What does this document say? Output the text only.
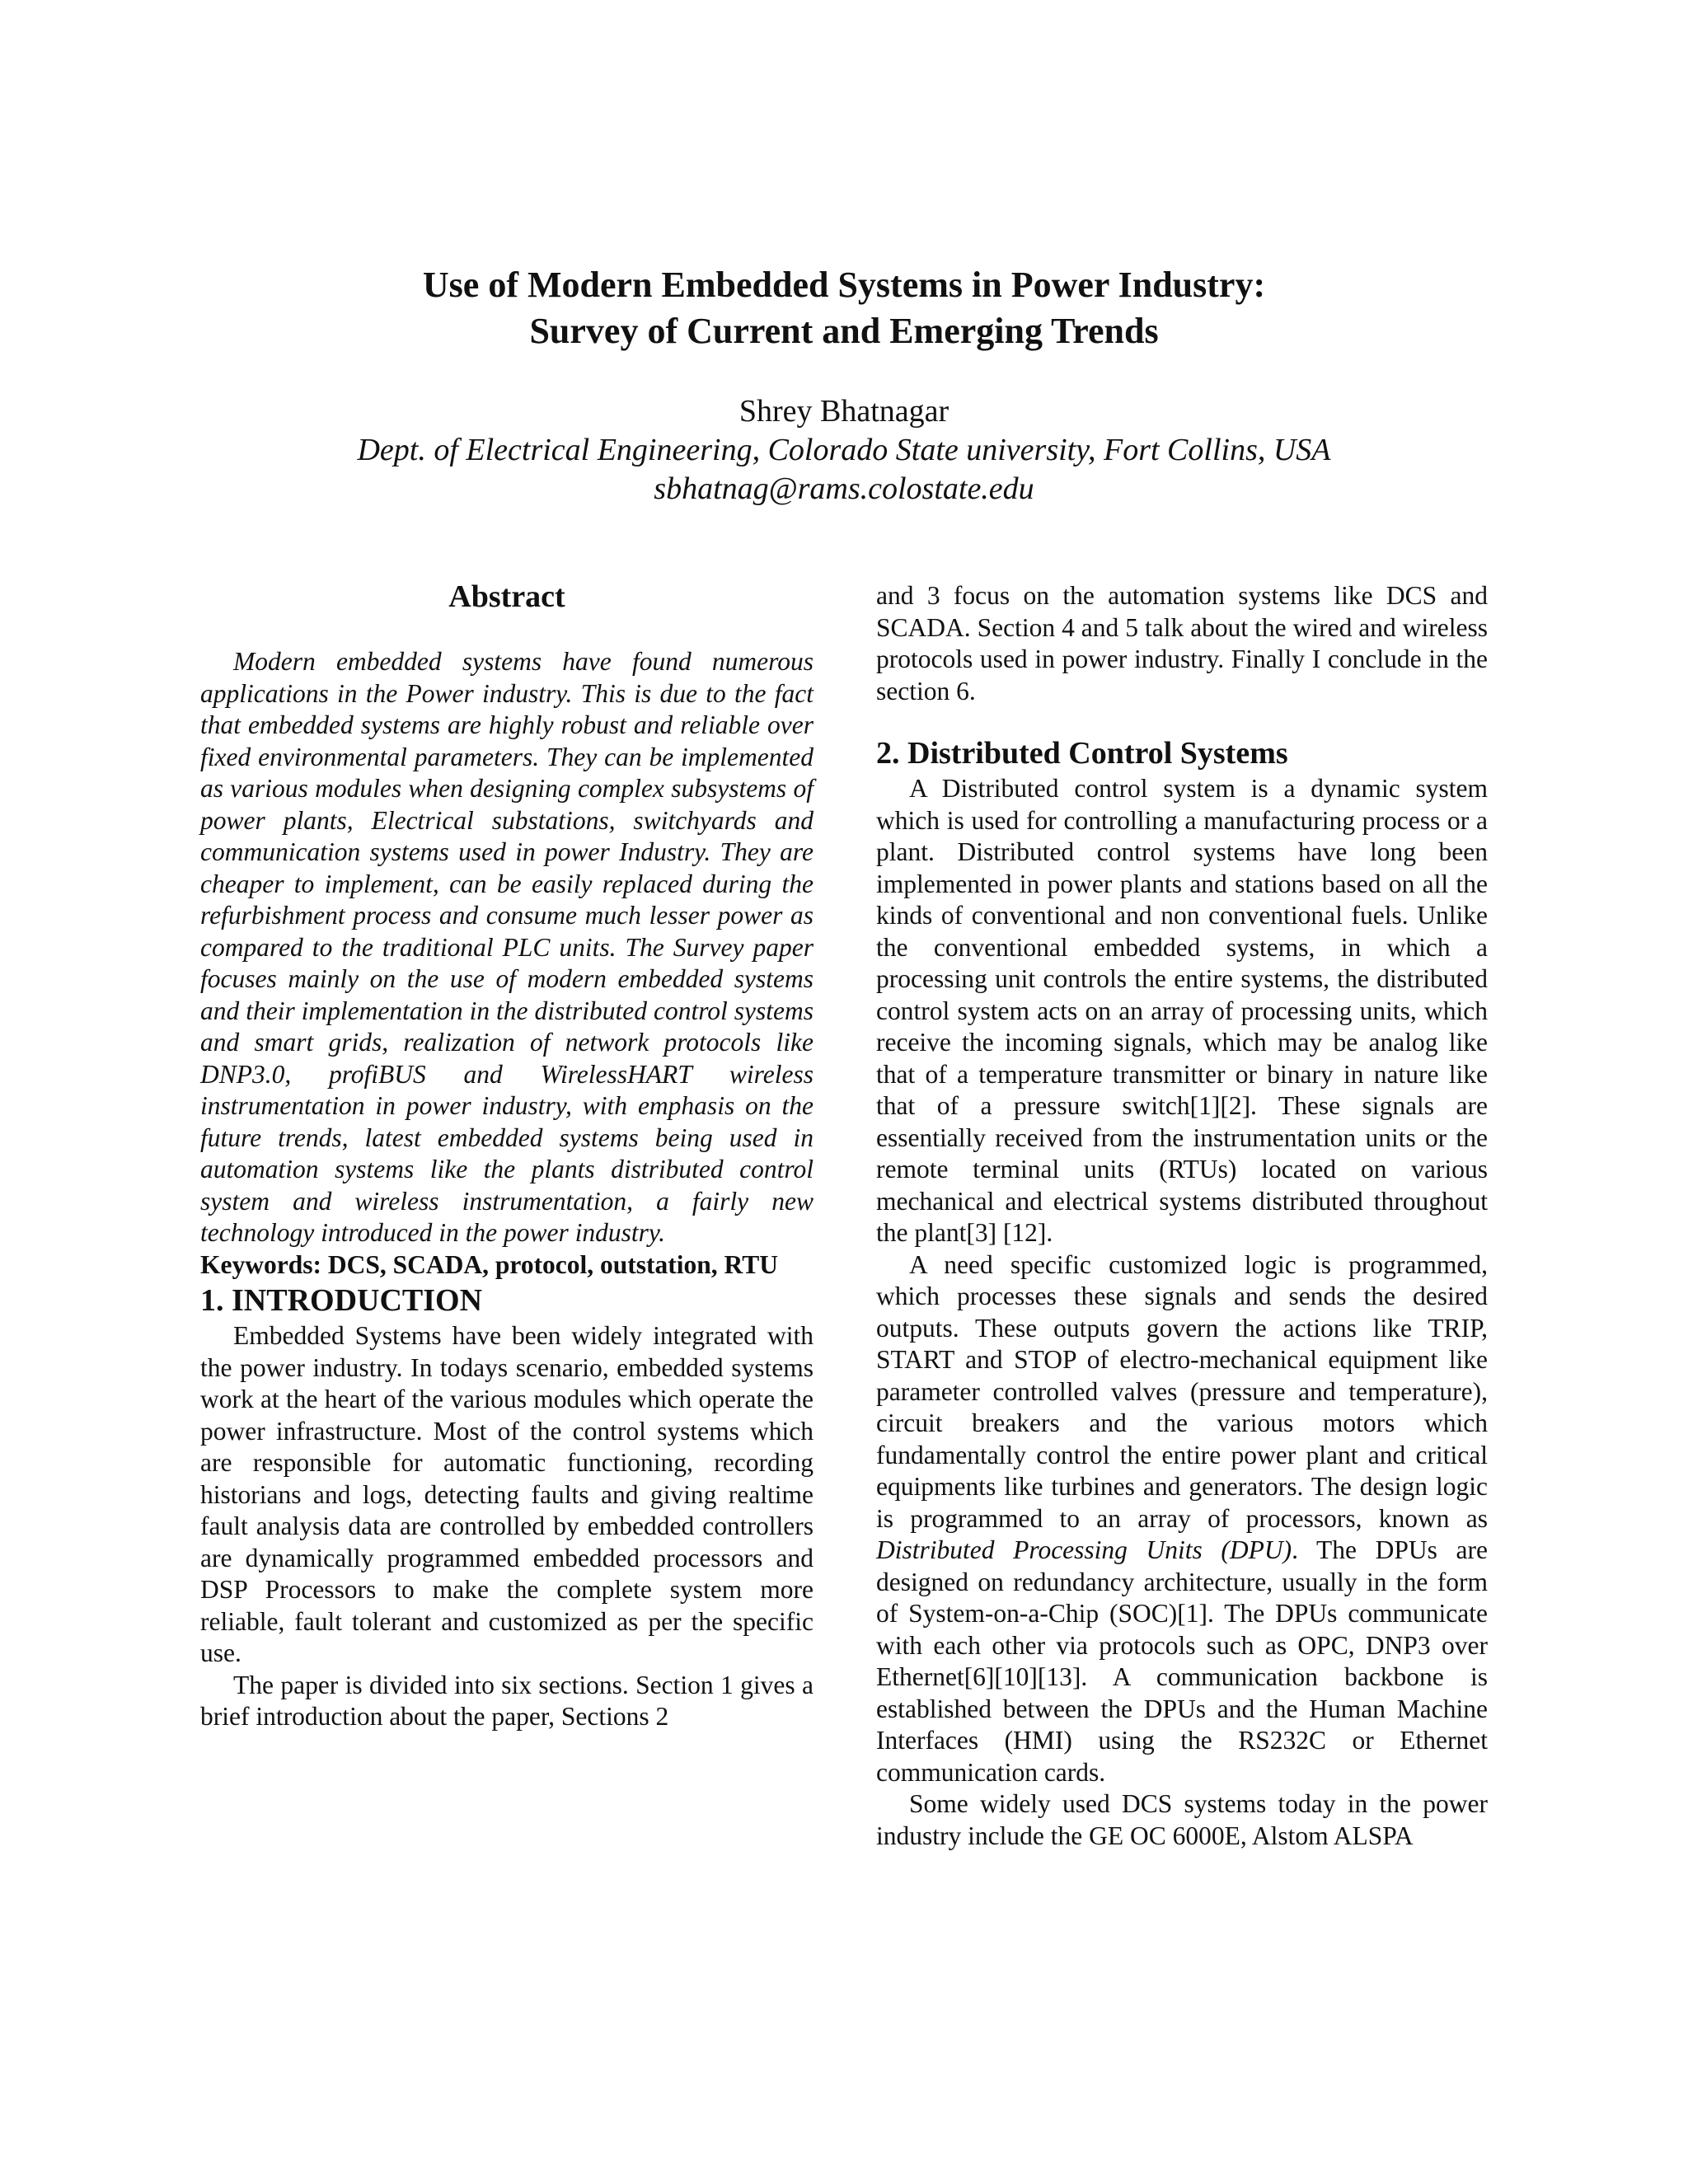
Use of Modern Embedded Systems in Power Industry:
Survey of Current and Emerging Trends
Shrey Bhatnagar
Dept. of Electrical Engineering, Colorado State university, Fort Collins, USA
sbhatnag@rams.colostate.edu
Abstract

Modern embedded systems have found numerous applications in the Power industry. This is due to the fact that embedded systems are highly robust and reliable over fixed environmental parameters. They can be implemented as various modules when designing complex subsystems of power plants, Electrical substations, switchyards and communication systems used in power Industry. They are cheaper to implement, can be easily replaced during the refurbishment process and consume much lesser power as compared to the traditional PLC units. The Survey paper focuses mainly on the use of modern embedded systems and their implementation in the distributed control systems and smart grids, realization of network protocols like DNP3.0, profiBUS and WirelessHART wireless instrumentation in power industry, with emphasis on the future trends, latest embedded systems being used in automation systems like the plants distributed control system and wireless instrumentation, a fairly new technology introduced in the power industry.

Keywords: DCS, SCADA, protocol, outstation, RTU

1. INTRODUCTION

Embedded Systems have been widely integrated with the power industry. In todays scenario, embedded systems work at the heart of the various modules which operate the power infrastructure. Most of the control systems which are responsible for automatic functioning, recording historians and logs, detecting faults and giving realtime fault analysis data are controlled by embedded controllers are dynamically programmed embedded processors and DSP Processors to make the complete system more reliable, fault tolerant and customized as per the specific use.

The paper is divided into six sections. Section 1 gives a brief introduction about the paper, Sections 2

and 3 focus on the automation systems like DCS and SCADA. Section 4 and 5 talk about the wired and wireless protocols used in power industry. Finally I conclude in the section 6.

2. Distributed Control Systems

A Distributed control system is a dynamic system which is used for controlling a manufacturing process or a plant. Distributed control systems have long been implemented in power plants and stations based on all the kinds of conventional and non conventional fuels. Unlike the conventional embedded systems, in which a processing unit controls the entire systems, the distributed control system acts on an array of processing units, which receive the incoming signals, which may be analog like that of a temperature transmitter or binary in nature like that of a pressure switch[1][2]. These signals are essentially received from the instrumentation units or the remote terminal units (RTUs) located on various mechanical and electrical systems distributed throughout the plant[3] [12].

A need specific customized logic is programmed, which processes these signals and sends the desired outputs. These outputs govern the actions like TRIP, START and STOP of electro-mechanical equipment like parameter controlled valves (pressure and temperature), circuit breakers and the various motors which fundamentally control the entire power plant and critical equipments like turbines and generators. The design logic is programmed to an array of processors, known as Distributed Processing Units (DPU). The DPUs are designed on redundancy architecture, usually in the form of System-on-a-Chip (SOC)[1]. The DPUs communicate with each other via protocols such as OPC, DNP3 over Ethernet[6][10][13]. A communication backbone is established between the DPUs and the Human Machine Interfaces (HMI) using the RS232C or Ethernet communication cards.

Some widely used DCS systems today in the power industry include the GE OC 6000E, Alstom ALSPA
